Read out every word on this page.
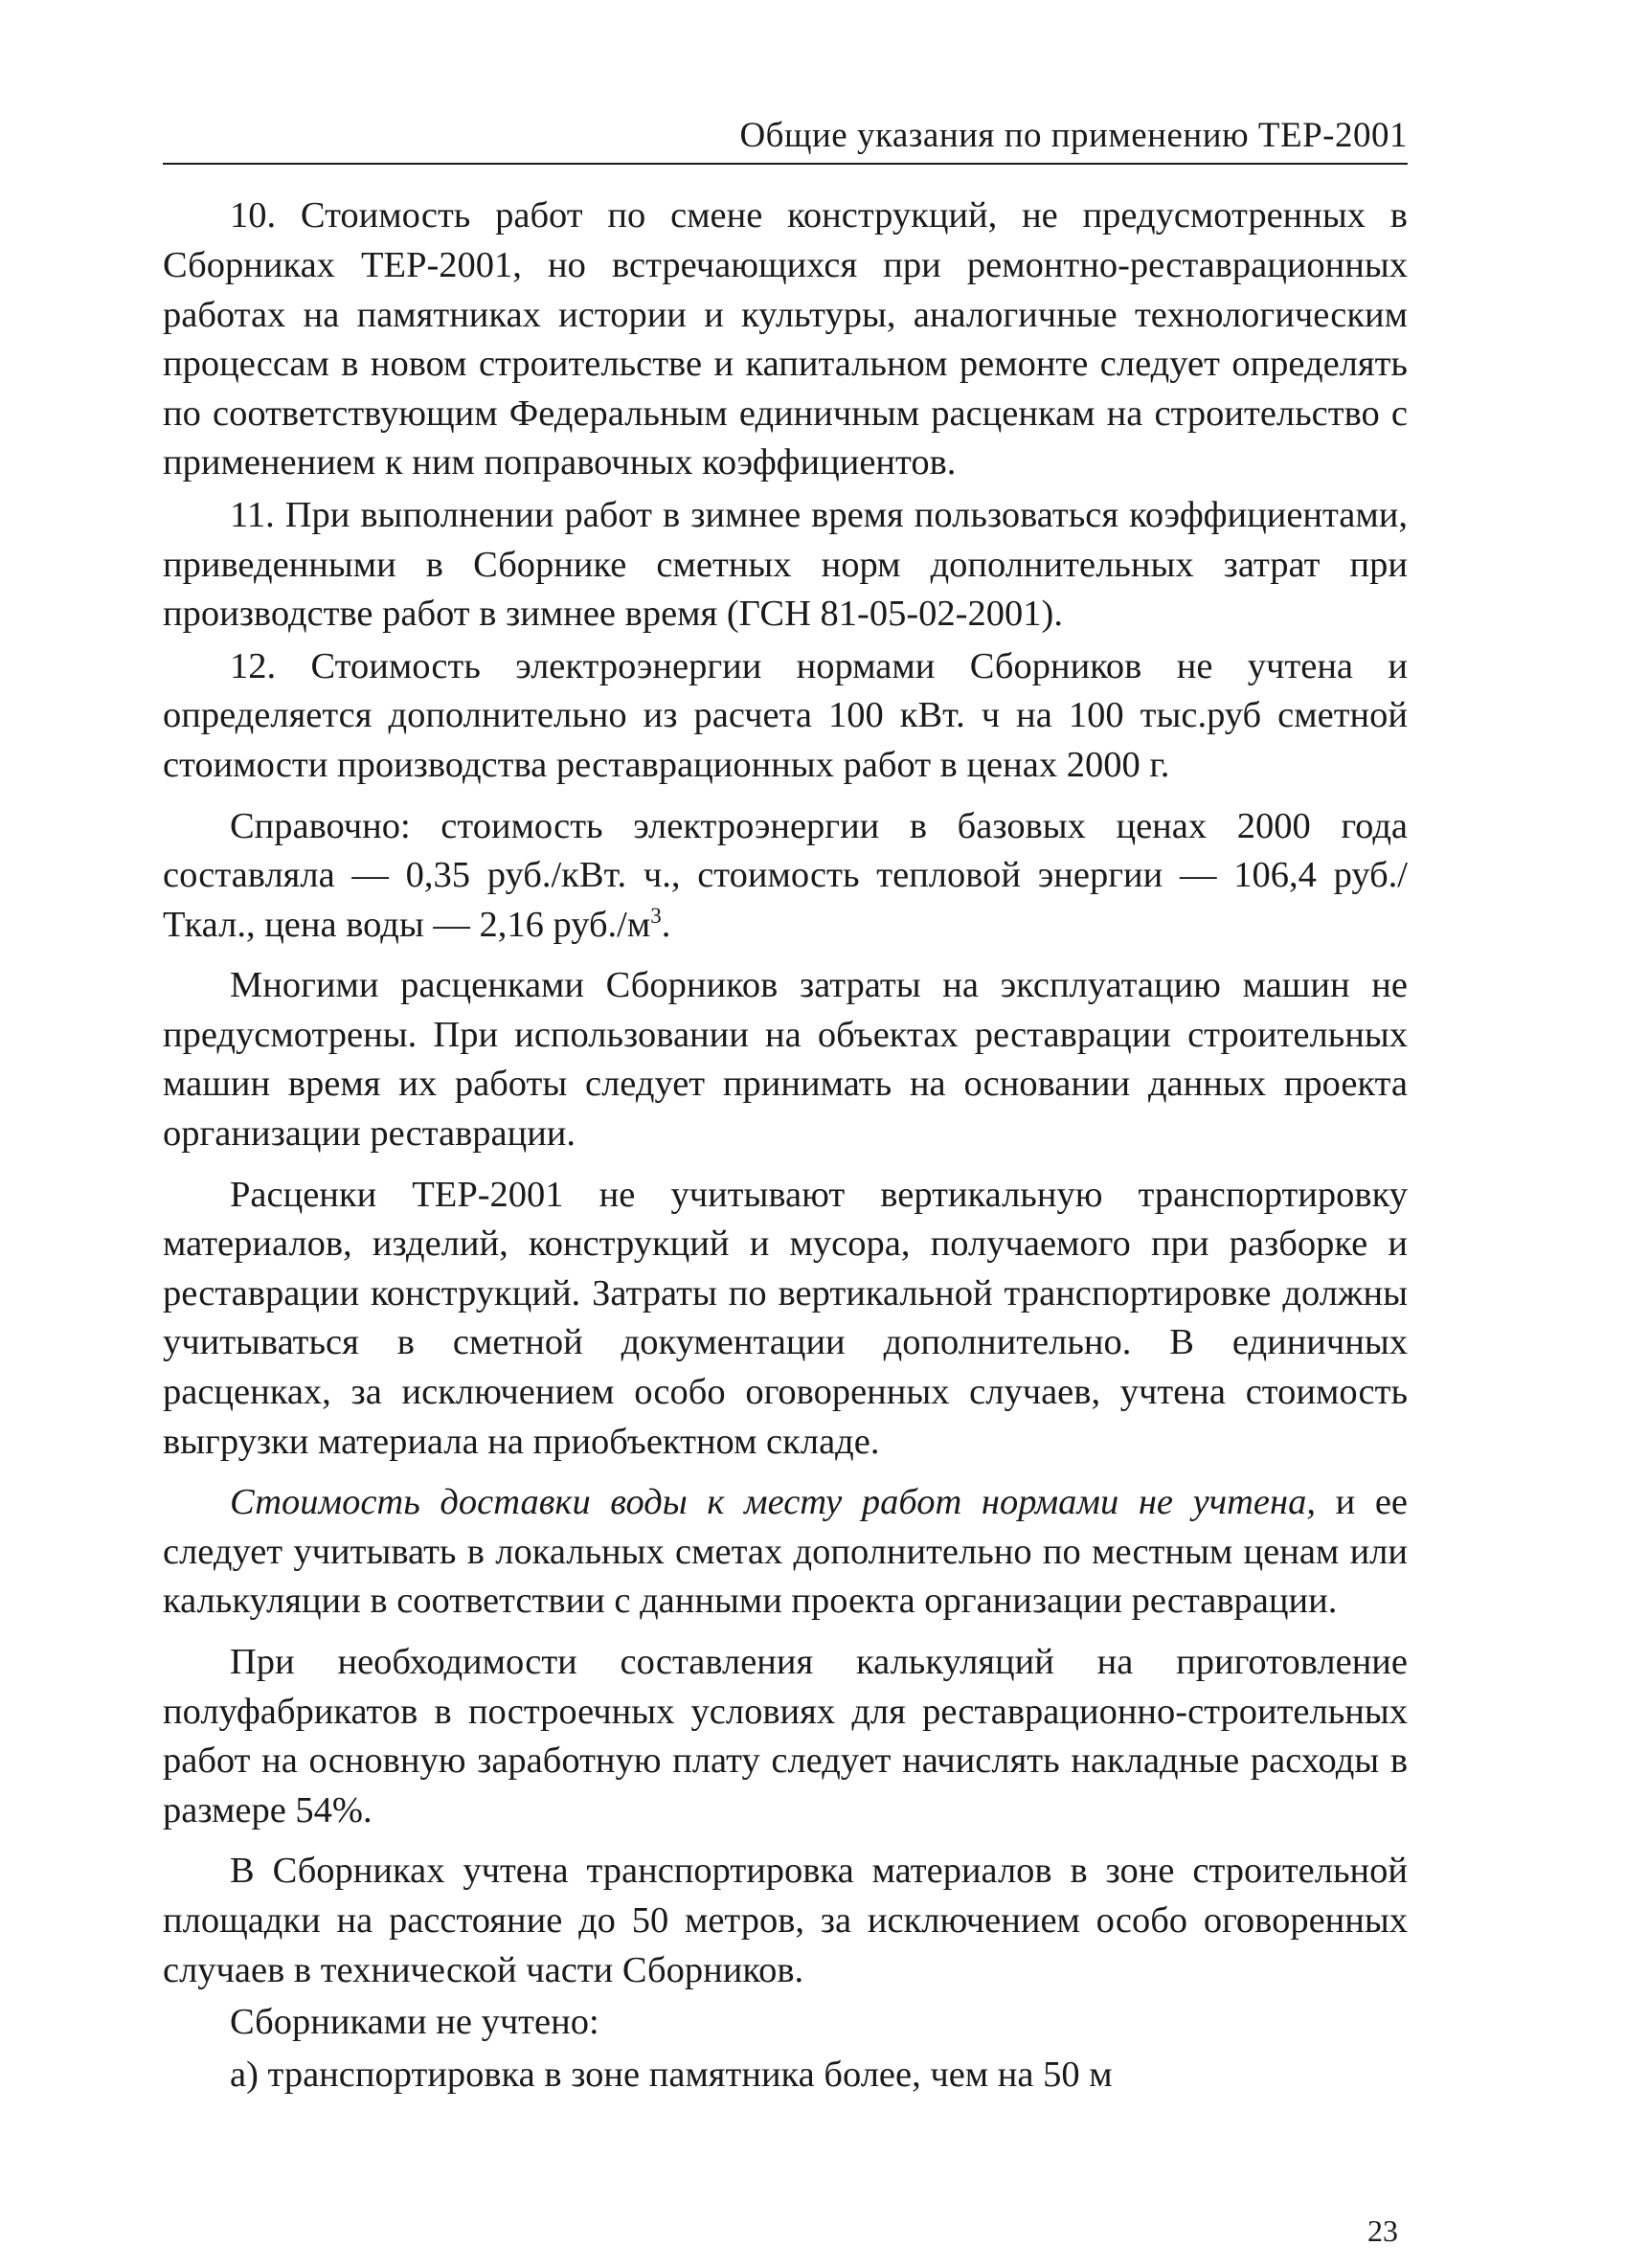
Общие указания по применению ТЕР-2001

10. Стоимость работ по смене конструкций, не предусмотренных в Сборниках ТЕР-2001, но встречающихся при ремонтно-реставрационных работах на памятниках истории и культуры, аналогичные технологическим процессам в новом строительстве и капитальном ремонте следует определять по соответствующим Федеральным единичным расценкам на строительство с применением к ним поправочных коэффициентов.

11. При выполнении работ в зимнее время пользоваться коэффициентами, приведенными в Сборнике сметных норм дополнительных затрат при производстве работ в зимнее время (ГСН 81-05-02-2001).

12. Стоимость электроэнергии нормами Сборников не учтена и определяется дополнительно из расчета 100 кВт. ч на 100 тыс.руб сметной стоимости производства реставрационных работ в ценах 2000 г.

Справочно: стоимость электроэнергии в базовых ценах 2000 года составляла — 0,35 руб./кВт. ч., стоимость тепловой энергии — 106,4 руб./Ткал., цена воды — 2,16 $руб./м^3$.

Многими расценками Сборников затраты на эксплуатацию машин не предусмотрены. При использовании на объектах реставрации строительных машин время их работы следует принимать на основании данных проекта организации реставрации.

Расценки ТЕР-2001 не учитывают вертикальную транспортировку материалов, изделий, конструкций и мусора, получаемого при разборке и реставрации конструкций. Затраты по вертикальной транспортировке должны учитываться в сметной документации дополнительно. В единичных расценках, за исключением особо оговоренных случаев, учтена стоимость выгрузки материала на приобъектном складе.

Стоимость доставки воды к месту работ нормами не учтена, и ее следует учитывать в локальных сметах дополнительно по местным ценам или калькуляции в соответствии с данными проекта организации реставрации.

При необходимости составления калькуляций на приготовление полуфабрикатов в построечных условиях для реставрационно-строительных работ на основную заработную плату следует начислять накладные расходы в размере 54%.

В Сборниках учтена транспортировка материалов в зоне строительной площадки на расстояние до 50 метров, за исключением особо оговоренных случаев в технической части Сборников.

Сборниками не учтено:

а) транспортировка в зоне памятника более, чем на 50 м

23
